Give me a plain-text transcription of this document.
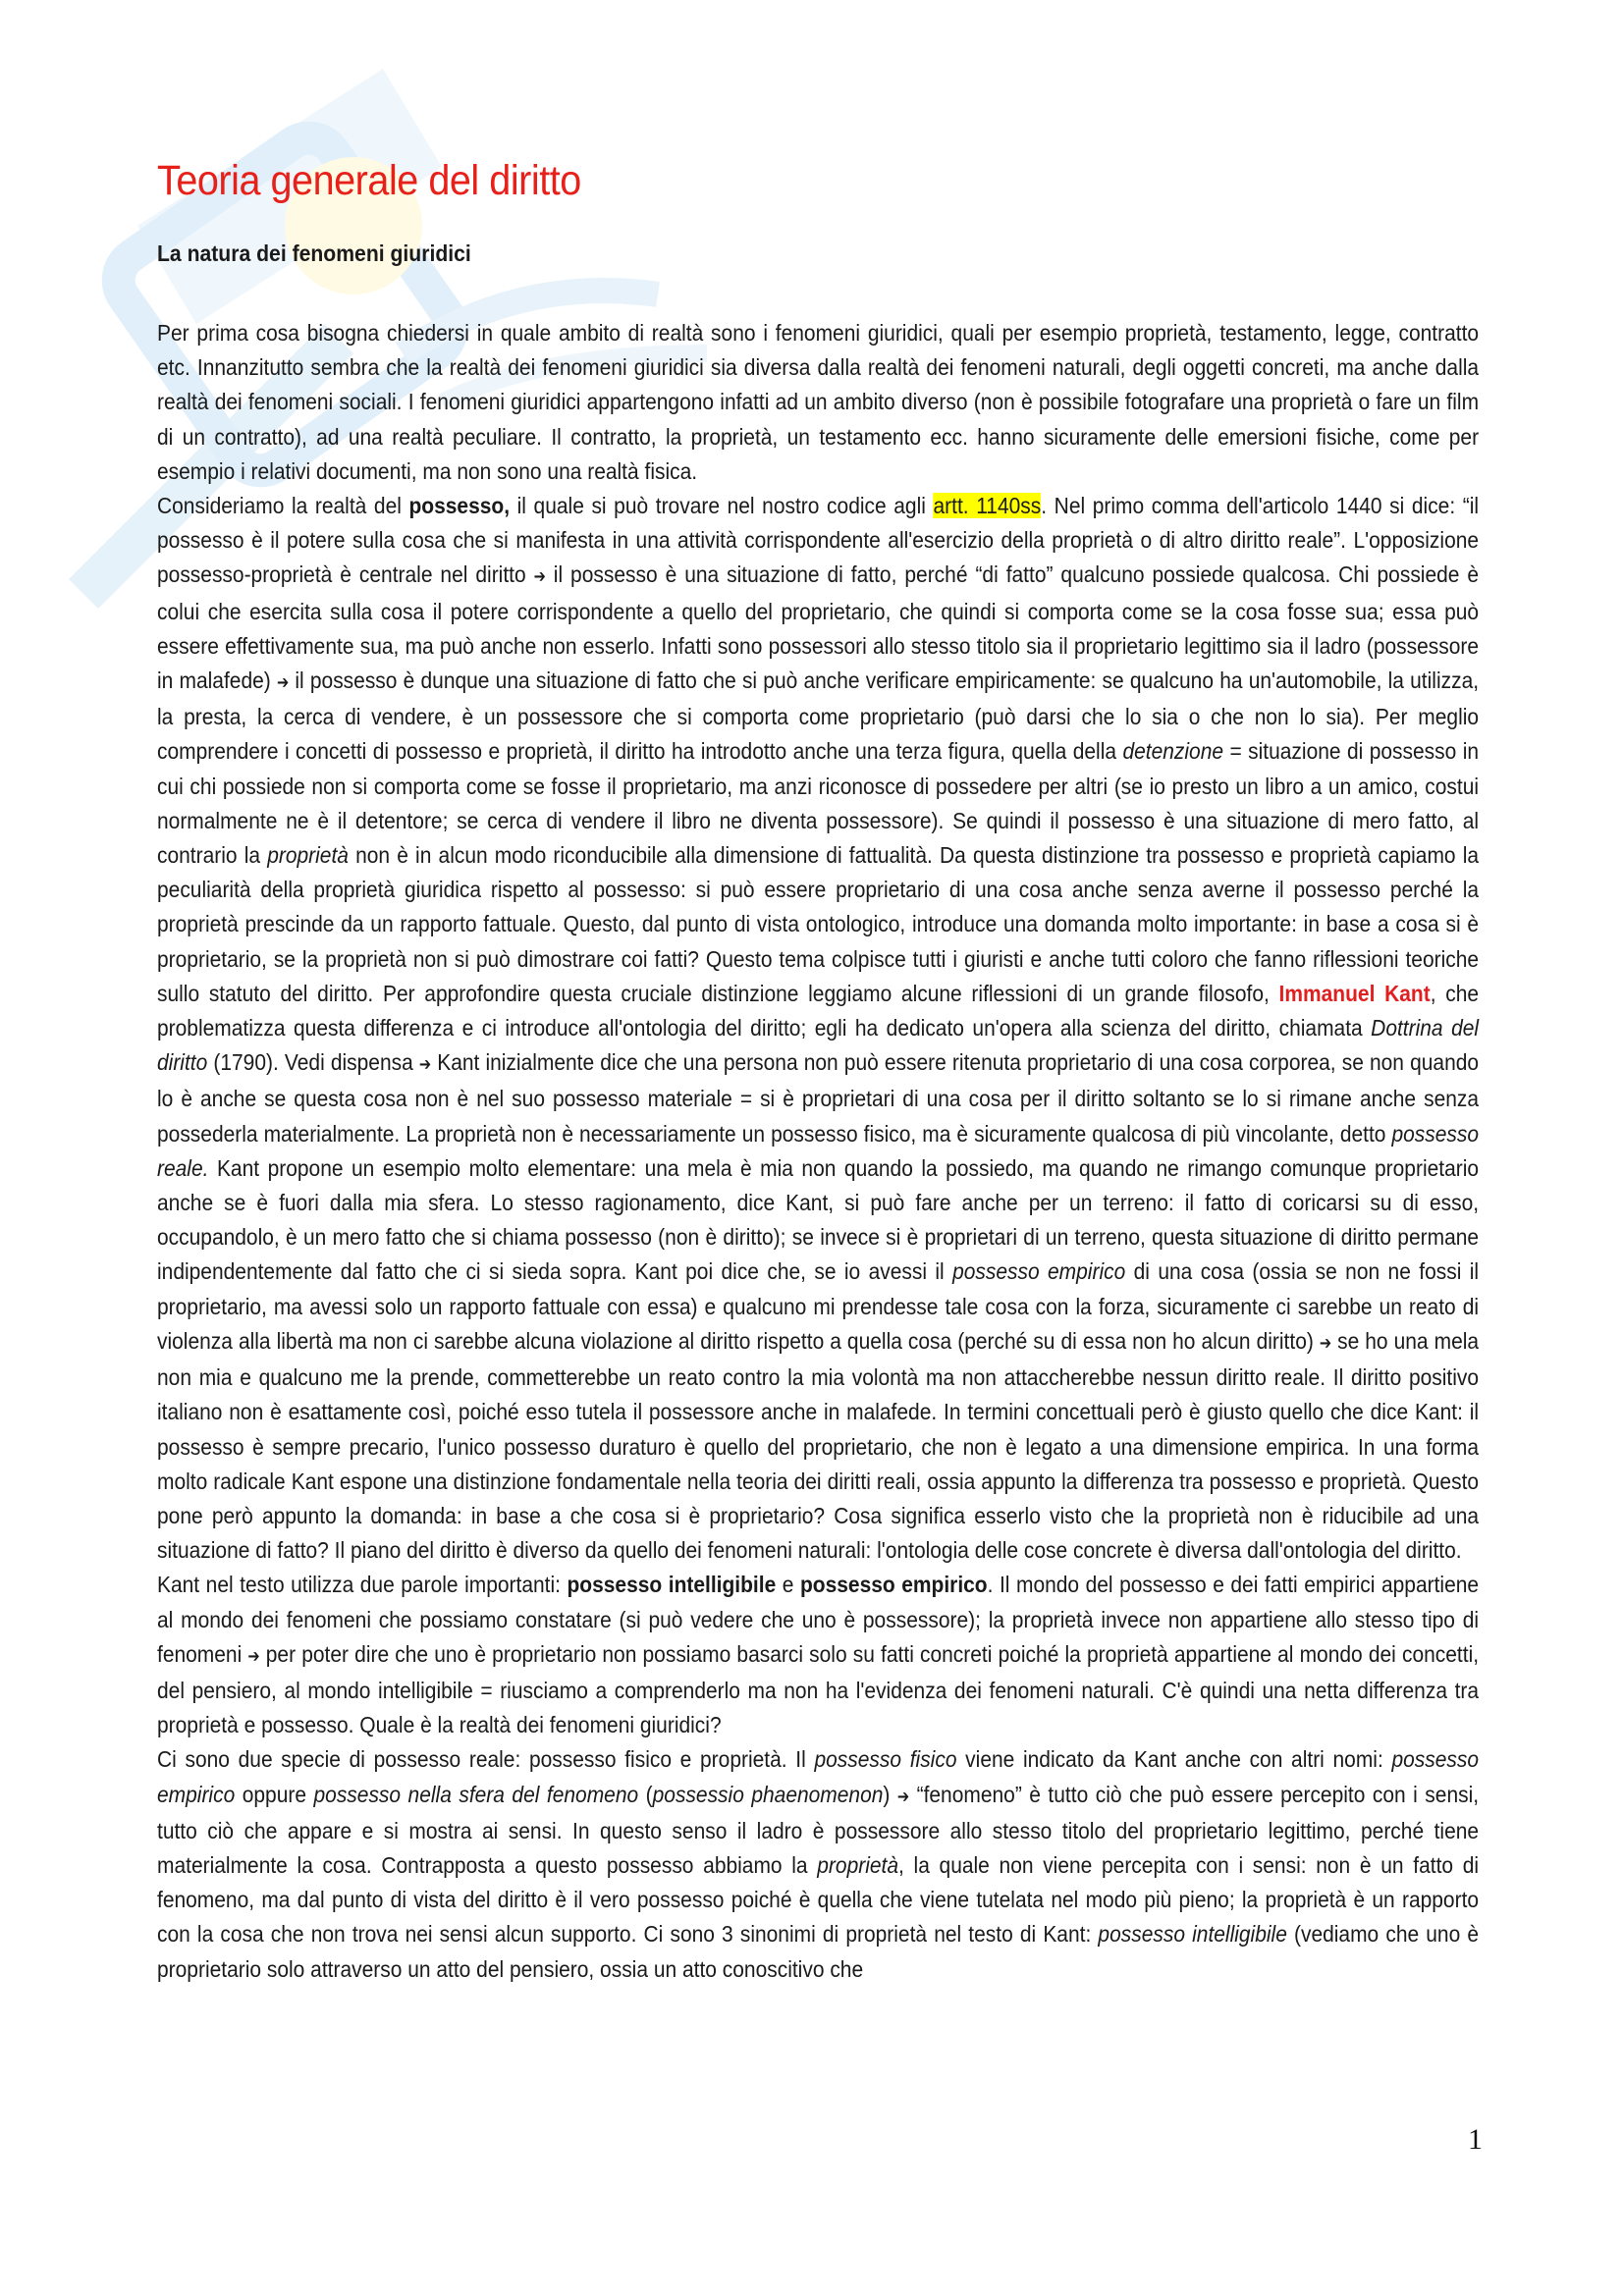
Teoria generale del diritto
La natura dei fenomeni giuridici

Per prima cosa bisogna chiedersi in quale ambito di realtà sono i fenomeni giuridici, quali per esempio proprietà, testamento, legge, contratto etc. Innanzitutto sembra che la realtà dei fenomeni giuridici sia diversa dalla realtà dei fenomeni naturali, degli oggetti concreti, ma anche dalla realtà dei fenomeni sociali. I fenomeni giuridici appartengono infatti ad un ambito diverso (non è possibile fotografare una proprietà o fare un film di un contratto), ad una realtà peculiare. Il contratto, la proprietà, un testamento ecc. hanno sicuramente delle emersioni fisiche, come per esempio i relativi documenti, ma non sono una realtà fisica.

Consideriamo la realtà del possesso, il quale si può trovare nel nostro codice agli artt. 1140ss. Nel primo comma dell'articolo 1440 si dice: “il possesso è il potere sulla cosa che si manifesta in una attività corrispondente all'esercizio della proprietà o di altro diritto reale”. L'opposizione possesso-proprietà è centrale nel diritto ➔ il possesso è una situazione di fatto, perché “di fatto” qualcuno possiede qualcosa. Chi possiede è colui che esercita sulla cosa il potere corrispondente a quello del proprietario, che quindi si comporta come se la cosa fosse sua; essa può essere effettivamente sua, ma può anche non esserlo. Infatti sono possessori allo stesso titolo sia il proprietario legittimo sia il ladro (possessore in malafede) ➔ il possesso è dunque una situazione di fatto che si può anche verificare empiricamente: se qualcuno ha un'automobile, la utilizza, la presta, la cerca di vendere, è un possessore che si comporta come proprietario (può darsi che lo sia o che non lo sia). Per meglio comprendere i concetti di possesso e proprietà, il diritto ha introdotto anche una terza figura, quella della detenzione = situazione di possesso in cui chi possiede non si comporta come se fosse il proprietario, ma anzi riconosce di possedere per altri (se io presto un libro a un amico, costui normalmente ne è il detentore; se cerca di vendere il libro ne diventa possessore). Se quindi il possesso è una situazione di mero fatto, al contrario la proprietà non è in alcun modo riconducibile alla dimensione di fattualità. Da questa distinzione tra possesso e proprietà capiamo la peculiarità della proprietà giuridica rispetto al possesso: si può essere proprietario di una cosa anche senza averne il possesso perché la proprietà prescinde da un rapporto fattuale. Questo, dal punto di vista ontologico, introduce una domanda molto importante: in base a cosa si è proprietario, se la proprietà non si può dimostrare coi fatti? Questo tema colpisce tutti i giuristi e anche tutti coloro che fanno riflessioni teoriche sullo statuto del diritto. Per approfondire questa cruciale distinzione leggiamo alcune riflessioni di un grande filosofo, Immanuel Kant, che problematizza questa differenza e ci introduce all'ontologia del diritto; egli ha dedicato un'opera alla scienza del diritto, chiamata Dottrina del diritto (1790). Vedi dispensa ➔ Kant inizialmente dice che una persona non può essere ritenuta proprietario di una cosa corporea, se non quando lo è anche se questa cosa non è nel suo possesso materiale = si è proprietari di una cosa per il diritto soltanto se lo si rimane anche senza possederla materialmente. La proprietà non è necessariamente un possesso fisico, ma è sicuramente qualcosa di più vincolante, detto possesso reale. Kant propone un esempio molto elementare: una mela è mia non quando la possiedo, ma quando ne rimango comunque proprietario anche se è fuori dalla mia sfera. Lo stesso ragionamento, dice Kant, si può fare anche per un terreno: il fatto di coricarsi su di esso, occupandolo, è un mero fatto che si chiama possesso (non è diritto); se invece si è proprietari di un terreno, questa situazione di diritto permane indipendentemente dal fatto che ci si sieda sopra. Kant poi dice che, se io avessi il possesso empirico di una cosa (ossia se non ne fossi il proprietario, ma avessi solo un rapporto fattuale con essa) e qualcuno mi prendesse tale cosa con la forza, sicuramente ci sarebbe un reato di violenza alla libertà ma non ci sarebbe alcuna violazione al diritto rispetto a quella cosa (perché su di essa non ho alcun diritto) ➔ se ho una mela non mia e qualcuno me la prende, commetterebbe un reato contro la mia volontà ma non attaccherebbe nessun diritto reale. Il diritto positivo italiano non è esattamente così, poiché esso tutela il possessore anche in malafede. In termini concettuali però è giusto quello che dice Kant: il possesso è sempre precario, l'unico possesso duraturo è quello del proprietario, che non è legato a una dimensione empirica. In una forma molto radicale Kant espone una distinzione fondamentale nella teoria dei diritti reali, ossia appunto la differenza tra possesso e proprietà. Questo pone però appunto la domanda: in base a che cosa si è proprietario? Cosa significa esserlo visto che la proprietà non è riducibile ad una situazione di fatto? Il piano del diritto è diverso da quello dei fenomeni naturali: l'ontologia delle cose concrete è diversa dall'ontologia del diritto.

Kant nel testo utilizza due parole importanti: possesso intelligibile e possesso empirico. Il mondo del possesso e dei fatti empirici appartiene al mondo dei fenomeni che possiamo constatare (si può vedere che uno è possessore); la proprietà invece non appartiene allo stesso tipo di fenomeni ➔ per poter dire che uno è proprietario non possiamo basarci solo su fatti concreti poiché la proprietà appartiene al mondo dei concetti, del pensiero, al mondo intelligibile = riusciamo a comprenderlo ma non ha l'evidenza dei fenomeni naturali. C'è quindi una netta differenza tra proprietà e possesso. Quale è la realtà dei fenomeni giuridici?

Ci sono due specie di possesso reale: possesso fisico e proprietà. Il possesso fisico viene indicato da Kant anche con altri nomi: possesso empirico oppure possesso nella sfera del fenomeno (possessio phaenomenon) ➔ “fenomeno” è tutto ciò che può essere percepito con i sensi, tutto ciò che appare e si mostra ai sensi. In questo senso il ladro è possessore allo stesso titolo del proprietario legittimo, perché tiene materialmente la cosa. Contrapposta a questo possesso abbiamo la proprietà, la quale non viene percepita con i sensi: non è un fatto di fenomeno, ma dal punto di vista del diritto è il vero possesso poiché è quella che viene tutelata nel modo più pieno; la proprietà è un rapporto con la cosa che non trova nei sensi alcun supporto. Ci sono 3 sinonimi di proprietà nel testo di Kant: possesso intelligibile (vediamo che uno è proprietario solo attraverso un atto del pensiero, ossia un atto conoscitivo che

1
